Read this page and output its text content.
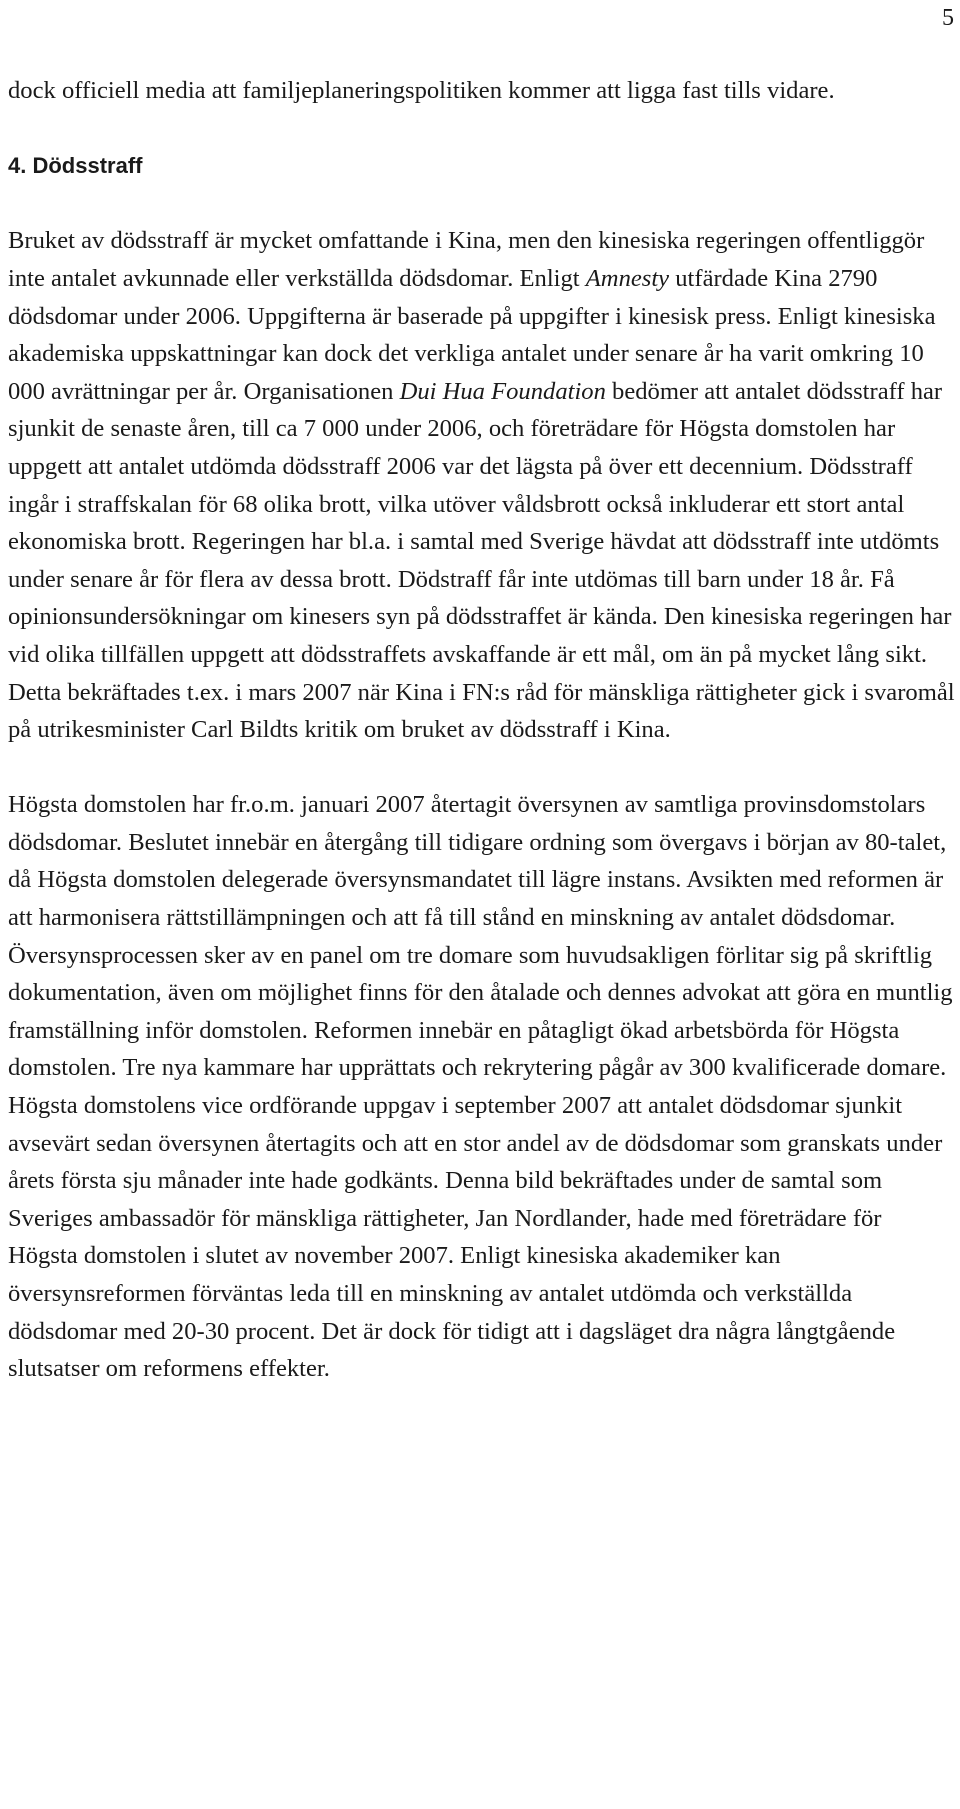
5

dock officiell media att familjeplaneringspolitiken kommer att ligga fast tills vidare.

4. Dödsstraff

Bruket av dödsstraff är mycket omfattande i Kina, men den kinesiska regeringen offentliggör inte antalet avkunnade eller verkställda dödsdomar. Enligt Amnesty utfärdade Kina 2790 dödsdomar under 2006. Uppgifterna är baserade på uppgifter i kinesisk press. Enligt kinesiska akademiska uppskattningar kan dock det verkliga antalet under senare år ha varit omkring 10 000 avrättningar per år. Organisationen Dui Hua Foundation bedömer att antalet dödsstraff har sjunkit de senaste åren, till ca 7 000 under 2006, och företrädare för Högsta domstolen har uppgett att antalet utdömda dödsstraff 2006 var det lägsta på över ett decennium. Dödsstraff ingår i straffskalan för 68 olika brott, vilka utöver våldsbrott också inkluderar ett stort antal ekonomiska brott. Regeringen har bl.a. i samtal med Sverige hävdat att dödsstraff inte utdömts under senare år för flera av dessa brott. Dödstraff får inte utdömas till barn under 18 år. Få opinionsundersökningar om kinesers syn på dödsstraffet är kända. Den kinesiska regeringen har vid olika tillfällen uppgett att dödsstraffets avskaffande är ett mål, om än på mycket lång sikt. Detta bekräftades t.ex. i mars 2007 när Kina i FN:s råd för mänskliga rättigheter gick i svaromål på utrikesminister Carl Bildts kritik om bruket av dödsstraff i Kina.

Högsta domstolen har fr.o.m. januari 2007 återtagit översynen av samtliga provinsdomstolars dödsdomar. Beslutet innebär en återgång till tidigare ordning som övergavs i början av 80-talet, då Högsta domstolen delegerade översynsmandatet till lägre instans. Avsikten med reformen är att harmonisera rättstillämpningen och att få till stånd en minskning av antalet dödsdomar. Översynsprocessen sker av en panel om tre domare som huvudsakligen förlitar sig på skriftlig dokumentation, även om möjlighet finns för den åtalade och dennes advokat att göra en muntlig framställning inför domstolen. Reformen innebär en påtagligt ökad arbetsbörda för Högsta domstolen. Tre nya kammare har upprättats och rekrytering pågår av 300 kvalificerade domare. Högsta domstolens vice ordförande uppgav i september 2007 att antalet dödsdomar sjunkit avsevärt sedan översynen återtagits och att en stor andel av de dödsdomar som granskats under årets första sju månader inte hade godkänts. Denna bild bekräftades under de samtal som Sveriges ambassadör för mänskliga rättigheter, Jan Nordlander, hade med företrädare för Högsta domstolen i slutet av november 2007. Enligt kinesiska akademiker kan översynsreformen förväntas leda till en minskning av antalet utdömda och verkställda dödsdomar med 20-30 procent. Det är dock för tidigt att i dagsläget dra några långtgående slutsatser om reformens effekter.
